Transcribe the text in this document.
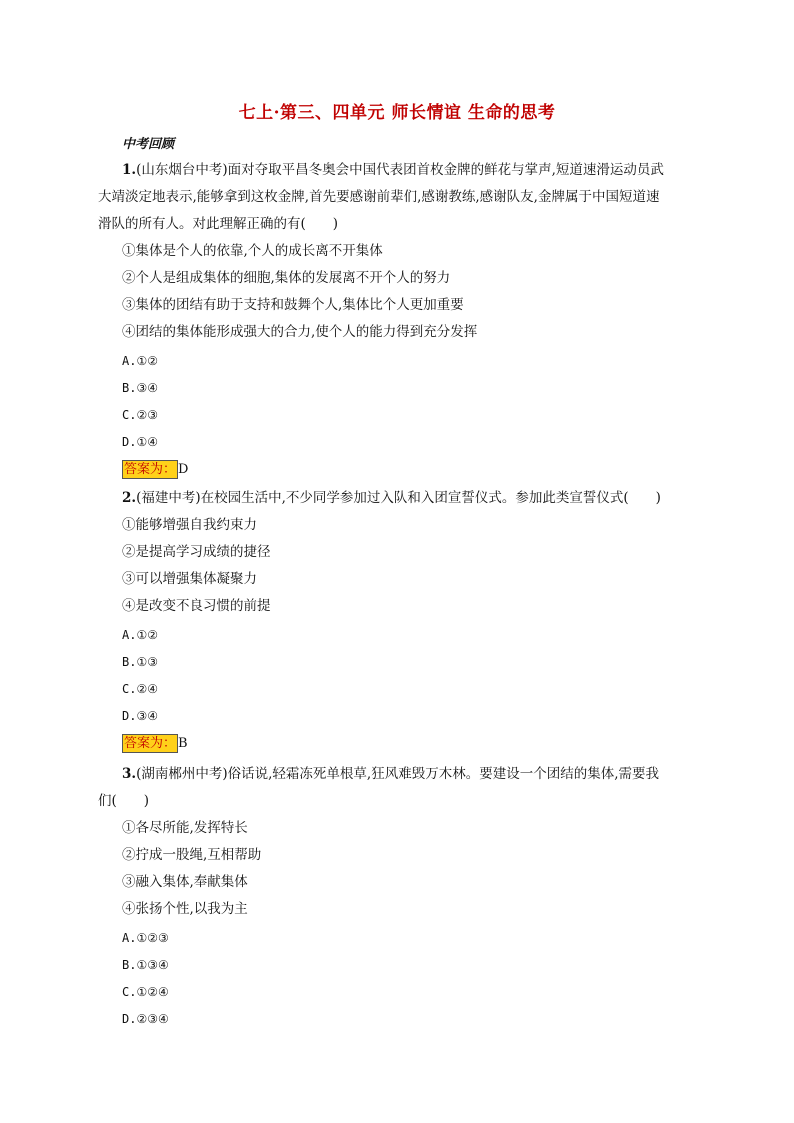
七上·第三、四单元 师长情谊 生命的思考
中考回顾
1.(山东烟台中考)面对夺取平昌冬奥会中国代表团首枚金牌的鲜花与掌声,短道速滑运动员武
大靖淡定地表示,能够拿到这枚金牌,首先要感谢前辈们,感谢教练,感谢队友,金牌属于中国短道速
滑队的所有人。对此理解正确的有(　　)
①集体是个人的依靠,个人的成长离不开集体
②个人是组成集体的细胞,集体的发展离不开个人的努力
③集体的团结有助于支持和鼓舞个人,集体比个人更加重要
④团结的集体能形成强大的合力,使个人的能力得到充分发挥
A.①②
B.③④
C.②③
D.①④
答案为： D
2.(福建中考)在校园生活中,不少同学参加过入队和入团宣誓仪式。参加此类宣誓仪式(　　)
①能够增强自我约束力
②是提高学习成绩的捷径
③可以增强集体凝聚力
④是改变不良习惯的前提
A.①②
B.①③
C.②④
D.③④
答案为： B
3.(湖南郴州中考)俗话说,轻霜冻死单根草,狂风难毁万木林。要建设一个团结的集体,需要我
们(　　)
①各尽所能,发挥特长
②拧成一股绳,互相帮助
③融入集体,奉献集体
④张扬个性,以我为主
A.①②③
B.①③④
C.①②④
D.②③④
